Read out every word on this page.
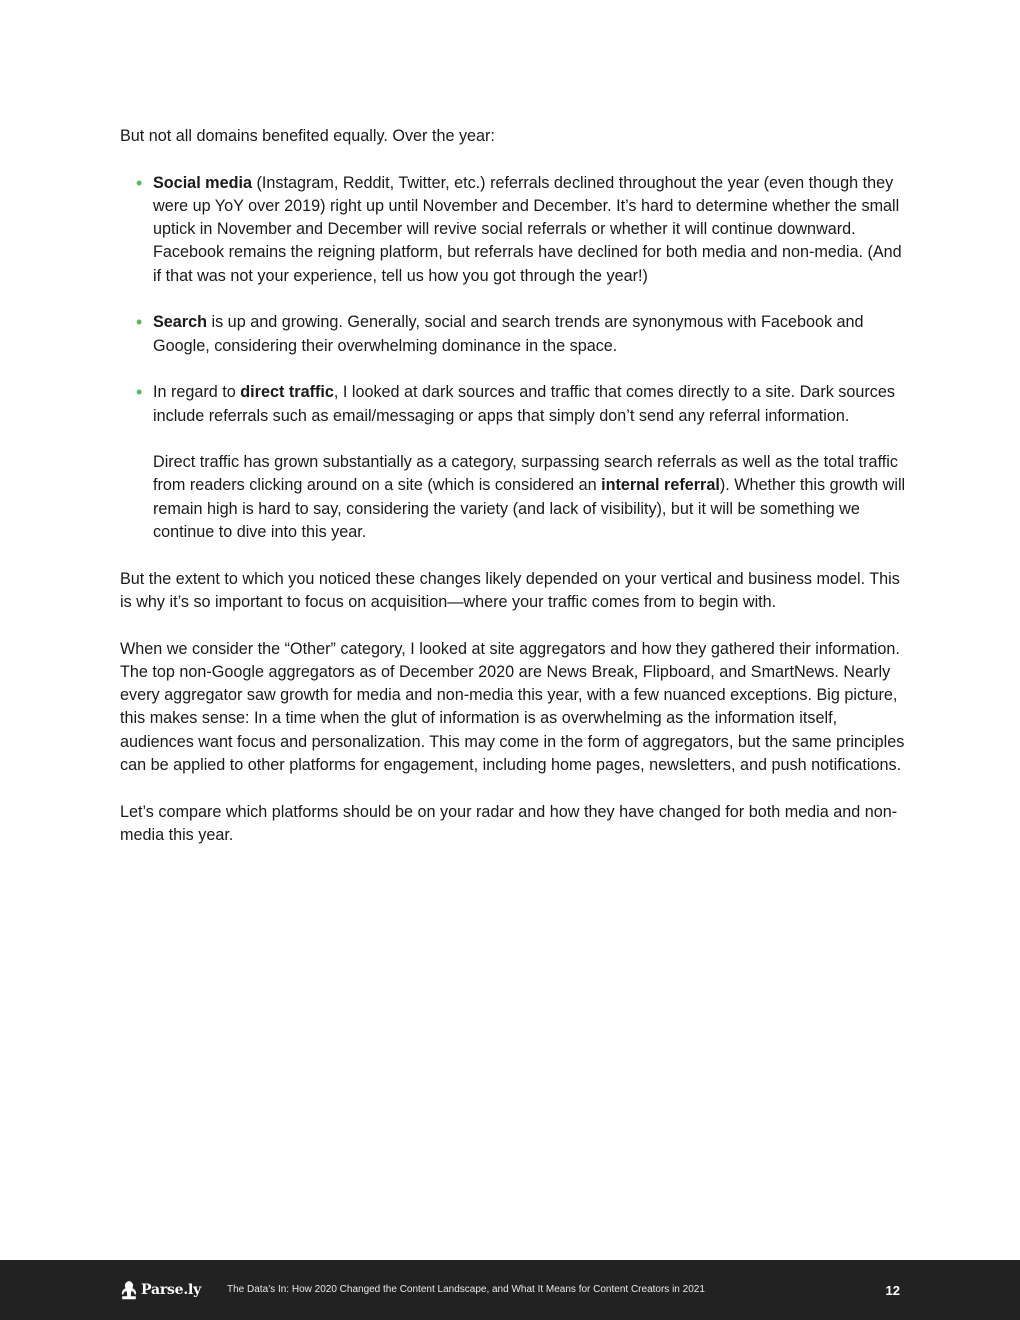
But not all domains benefited equally. Over the year:

• Social media (Instagram, Reddit, Twitter, etc.) referrals declined throughout the year (even though they were up YoY over 2019) right up until November and December. It’s hard to determine whether the small uptick in November and December will revive social referrals or whether it will continue downward. Facebook remains the reigning platform, but referrals have declined for both media and non-media. (And if that was not your experience, tell us how you got through the year!)
• Search is up and growing. Generally, social and search trends are synonymous with Facebook and Google, considering their overwhelming dominance in the space.
• In regard to direct traffic, I looked at dark sources and traffic that comes directly to a site. Dark sources include referrals such as email/messaging or apps that simply don’t send any referral information.

Direct traffic has grown substantially as a category, surpassing search referrals as well as the total traffic from readers clicking around on a site (which is considered an internal referral). Whether this growth will remain high is hard to say, considering the variety (and lack of visibility), but it will be something we continue to dive into this year.

But the extent to which you noticed these changes likely depended on your vertical and business model. This is why it’s so important to focus on acquisition—where your traffic comes from to begin with.

When we consider the “Other” category, I looked at site aggregators and how they gathered their information. The top non-Google aggregators as of December 2020 are News Break, Flipboard, and SmartNews. Nearly every aggregator saw growth for media and non-media this year, with a few nuanced exceptions. Big picture, this makes sense: In a time when the glut of information is as overwhelming as the information itself, audiences want focus and personalization. This may come in the form of aggregators, but the same principles can be applied to other platforms for engagement, including home pages, newsletters, and push notifications.

Let’s compare which platforms should be on your radar and how they have changed for both media and non-media this year.

Parse.ly	The Data’s In: How 2020 Changed the Content Landscape, and What It Means for Content Creators in 2021	12
